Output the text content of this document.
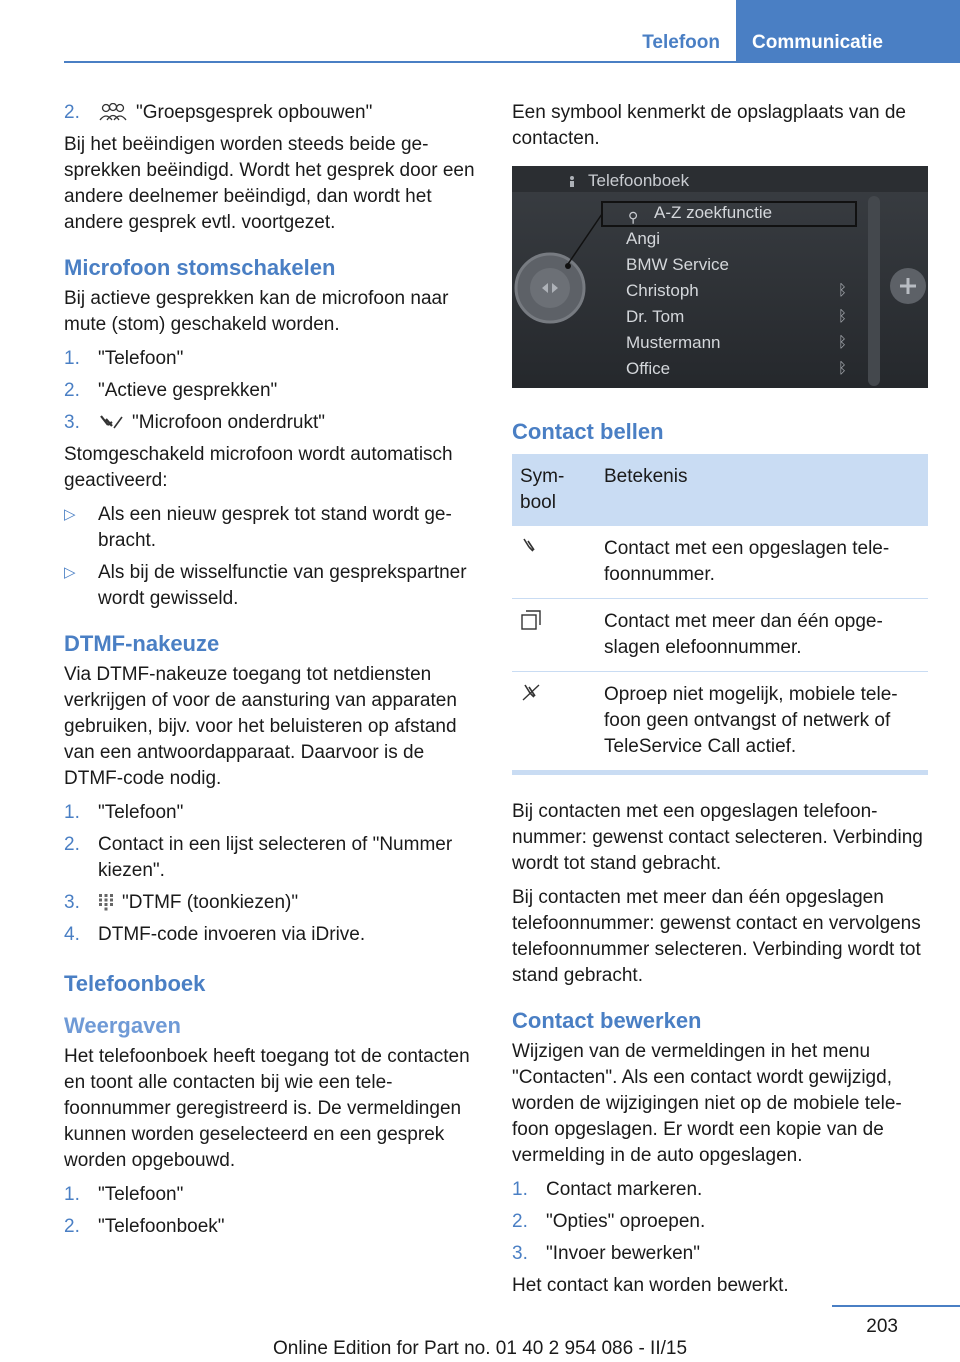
Telefoon	Communicatie
2.	"Groepsgesprek opbouwen"

Bij het beëindigen worden steeds beide gesprekken beëindigd. Wordt het gesprek door een andere deelnemer beëindigd, dan wordt het andere gesprek evtl. voortgezet.

Microfoon stomschakelen

Bij actieve gesprekken kan de microfoon naar mute (stom) geschakeld worden.

1. "Telefoon"
2. "Actieve gesprekken"
3.	"Microfoon onderdrukt"

Stomgeschakeld microfoon wordt automatisch geactiveerd:

▷	Als een nieuw gesprek tot stand wordt gebracht.
▷	Als bij de wisselfunctie van gesprekspartner wordt gewisseld.
DTMF-nakeuze

Via DTMF-nakeuze toegang tot netdiensten verkrijgen of voor de aansturing van apparaten gebruiken, bijv. voor het beluisteren op afstand van een antwoordapparaat. Daarvoor is de DTMF-code nodig.

1. "Telefoon"
2. Contact in een lijst selecteren of "Nummer kiezen".
3.	"DTMF (toonkiezen)"
4. DTMF-code invoeren via iDrive.
Telefoonboek
Weergaven

Het telefoonboek heeft toegang tot de contacten en toont alle contacten bij wie een telefoonnummer geregistreerd is. De vermeldingen kunnen worden geselecteerd en een gesprek worden opgebouwd.

1. "Telefoon"
2. "Telefoonboek"

Een symbool kenmerkt de opslagplaats van de contacten.

Telefoonboek
⚲ A-Z zoekfunctie
Angi
BMW Service
Christoph
Dr. Tom
Mustermann
Office
ᛒ
ᛒ
ᛒ
ᛒ
Contact bellen
Symbool	Betekenis
	Contact met een opgeslagen telefoonnummer.
	Contact met meer dan één opgeslagen elefoonnummer.
	Oproep niet mogelijk, mobiele telefoon geen ontvangst of netwerk of TeleService Call actief.

Bij contacten met een opgeslagen telefoonnummer: gewenst contact selecteren. Verbinding wordt tot stand gebracht.

Bij contacten met meer dan één opgeslagen telefoonnummer: gewenst contact en vervolgens telefoonnummer selecteren. Verbinding wordt tot stand gebracht.

Contact bewerken

Wijzigen van de vermeldingen in het menu "Contacten". Als een contact wordt gewijzigd, worden de wijzigingen niet op de mobiele telefoon opgeslagen. Er wordt een kopie van de vermelding in de auto opgeslagen.

1. Contact markeren.
2. "Opties" oproepen.
3. "Invoer bewerken"

Het contact kan worden bewerkt.

203
Online Edition for Part no. 01 40 2 954 086 - II/15
